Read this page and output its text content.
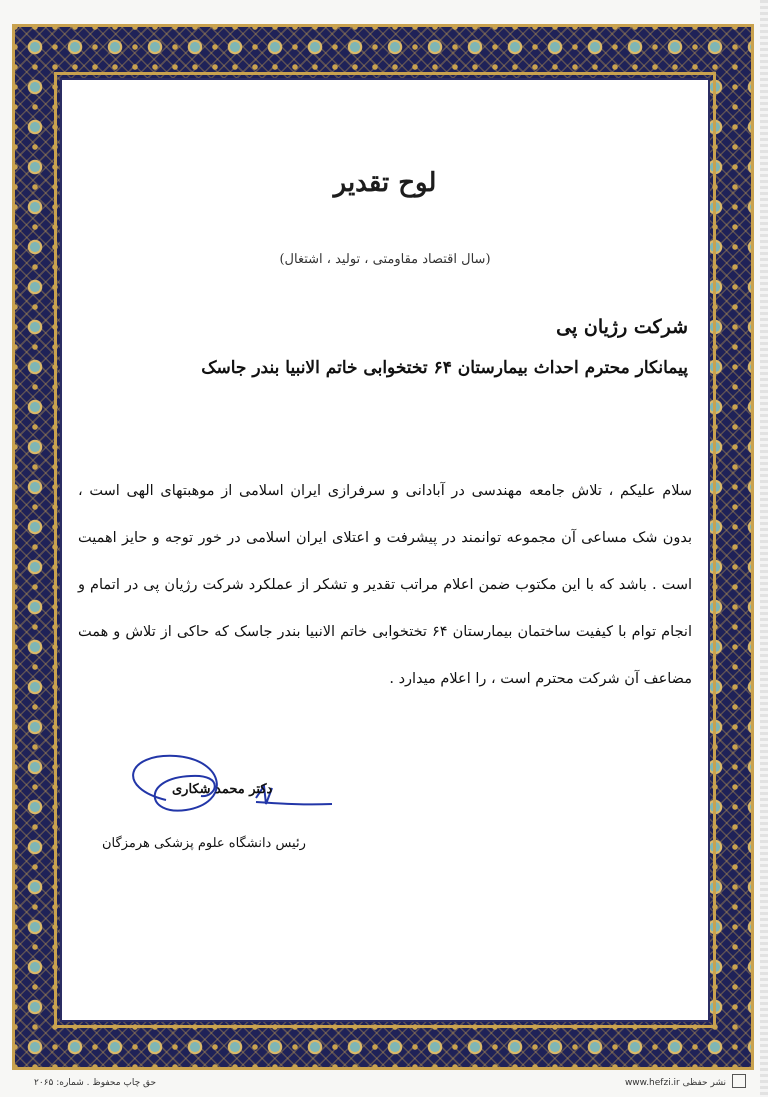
لوح تقدیر
(سال اقتصاد مقاومتی ، تولید ، اشتغال)
شرکت رژیان پی
پیمانکار محترم احداث بیمارستان ۶۴ تختخوابی خاتم الانبیا بندر جاسک
سلام علیکم ، تلاش جامعه مهندسی در آبادانی و سرفرازی ایران اسلامی از موهبتهای الهی است ، بدون شک مساعی آن مجموعه توانمند در پیشرفت و اعتلای ایران اسلامی در خور توجه و حایز اهمیت است . باشد که با این مکتوب ضمن اعلام مراتب تقدیر و تشکر از عملکرد شرکت رژیان پی در اتمام و انجام توام با کیفیت ساختمان بیمارستان ۶۴ تختخوابی خاتم الانبیا بندر جاسک که حاکی از تلاش و همت مضاعف آن شرکت محترم است ، را اعلام میدارد .
دکتر محمد شکاری
رئیس دانشگاه علوم پزشکی هرمزگان
حق چاپ محفوظ . شماره: ۲۰۶۵	www.hefzi.ir نشر حفظی
